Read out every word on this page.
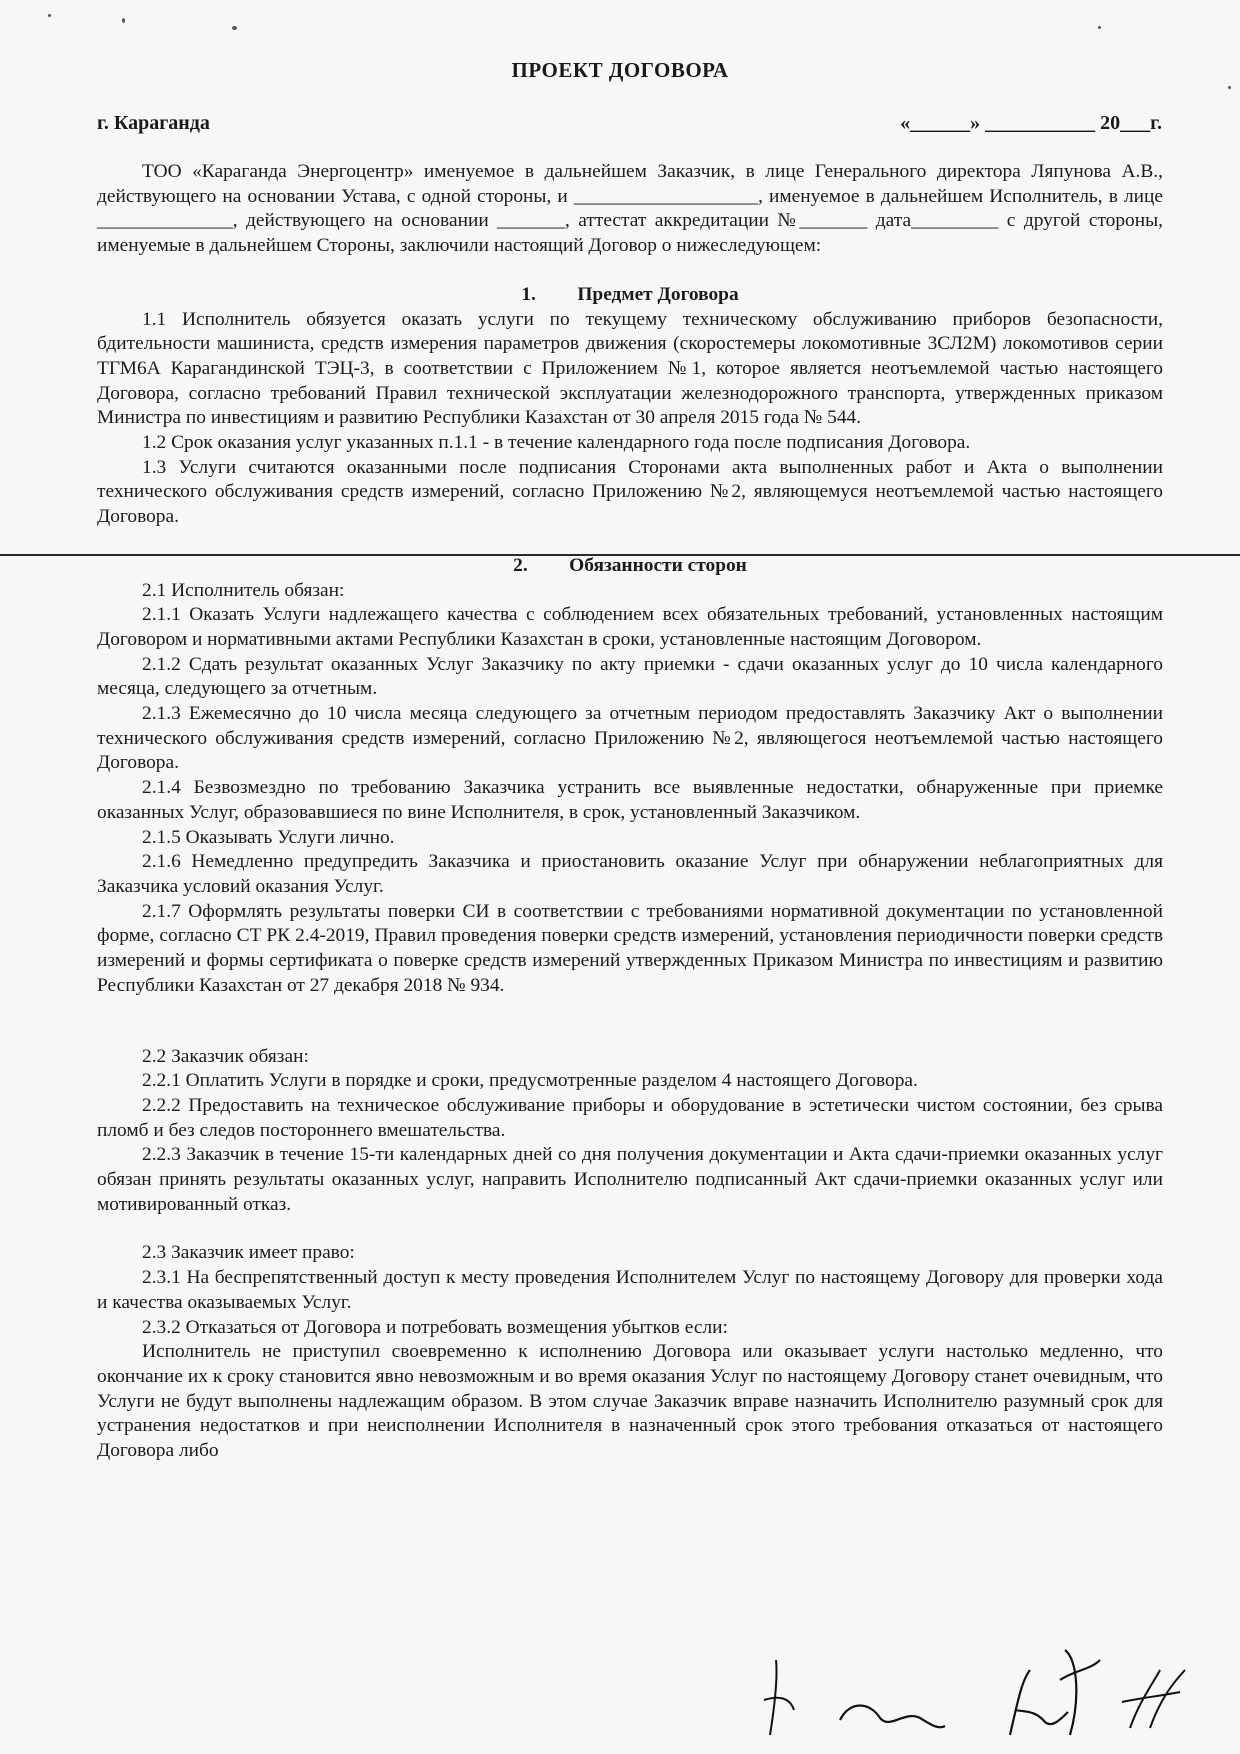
ПРОЕКТ ДОГОВОРА
г. Караганда	«______» ___________ 20___г.

ТОО «Караганда Энергоцентр» именуемое в дальнейшем Заказчик, в лице Генерального директора Ляпунова А.В., действующего на основании Устава, с одной стороны, и ___________________, именуемое в дальнейшем Исполнитель, в лице ______________, действующего на основании _______, аттестат аккредитации №_______ дата_________ с другой стороны, именуемые в дальнейшем Стороны, заключили настоящий Договор о нижеследующем:

1. Предмет Договора

1.1 Исполнитель обязуется оказать услуги по текущему техническому обслуживанию приборов безопасности, бдительности машиниста, средств измерения параметров движения (скоростемеры локомотивные 3СЛ2М) локомотивов серии ТГМ6А Карагандинской ТЭЦ-3, в соответствии с Приложением №1, которое является неотъемлемой частью настоящего Договора, согласно требований Правил технической эксплуатации железнодорожного транспорта, утвержденных приказом Министра по инвестициям и развитию Республики Казахстан от 30 апреля 2015 года № 544.

1.2 Срок оказания услуг указанных п.1.1 - в течение календарного года после подписания Договора.

1.3 Услуги считаются оказанными после подписания Сторонами акта выполненных работ и Акта о выполнении технического обслуживания средств измерений, согласно Приложению №2, являющемуся неотъемлемой частью настоящего Договора.

2. Обязанности сторон

2.1 Исполнитель обязан:

2.1.1 Оказать Услуги надлежащего качества с соблюдением всех обязательных требований, установленных настоящим Договором и нормативными актами Республики Казахстан в сроки, установленные настоящим Договором.

2.1.2 Сдать результат оказанных Услуг Заказчику по акту приемки - сдачи оказанных услуг до 10 числа календарного месяца, следующего за отчетным.

2.1.3 Ежемесячно до 10 числа месяца следующего за отчетным периодом предоставлять Заказчику Акт о выполнении технического обслуживания средств измерений, согласно Приложению №2, являющегося неотъемлемой частью настоящего Договора.

2.1.4 Безвозмездно по требованию Заказчика устранить все выявленные недостатки, обнаруженные при приемке оказанных Услуг, образовавшиеся по вине Исполнителя, в срок, установленный Заказчиком.

2.1.5 Оказывать Услуги лично.

2.1.6 Немедленно предупредить Заказчика и приостановить оказание Услуг при обнаружении неблагоприятных для Заказчика условий оказания Услуг.

2.1.7 Оформлять результаты поверки СИ в соответствии с требованиями нормативной документации по установленной форме, согласно СТ РК 2.4-2019, Правил проведения поверки средств измерений, установления периодичности поверки средств измерений и формы сертификата о поверке средств измерений утвержденных Приказом Министра по инвестициям и развитию Республики Казахстан от 27 декабря 2018 № 934.

2.2 Заказчик обязан:

2.2.1 Оплатить Услуги в порядке и сроки, предусмотренные разделом 4 настоящего Договора.

2.2.2 Предоставить на техническое обслуживание приборы и оборудование в эстетически чистом состоянии, без срыва пломб и без следов постороннего вмешательства.

2.2.3 Заказчик в течение 15-ти календарных дней со дня получения документации и Акта сдачи-приемки оказанных услуг обязан принять результаты оказанных услуг, направить Исполнителю подписанный Акт сдачи-приемки оказанных услуг или мотивированный отказ.

2.3 Заказчик имеет право:

2.3.1 На беспрепятственный доступ к месту проведения Исполнителем Услуг по настоящему Договору для проверки хода и качества оказываемых Услуг.

2.3.2 Отказаться от Договора и потребовать возмещения убытков если:

Исполнитель не приступил своевременно к исполнению Договора или оказывает услуги настолько медленно, что окончание их к сроку становится явно невозможным и во время оказания Услуг по настоящему Договору станет очевидным, что Услуги не будут выполнены надлежащим образом. В этом случае Заказчик вправе назначить Исполнителю разумный срок для устранения недостатков и при неисполнении Исполнителя в назначенный срок этого требования отказаться от настоящего Договора либо
